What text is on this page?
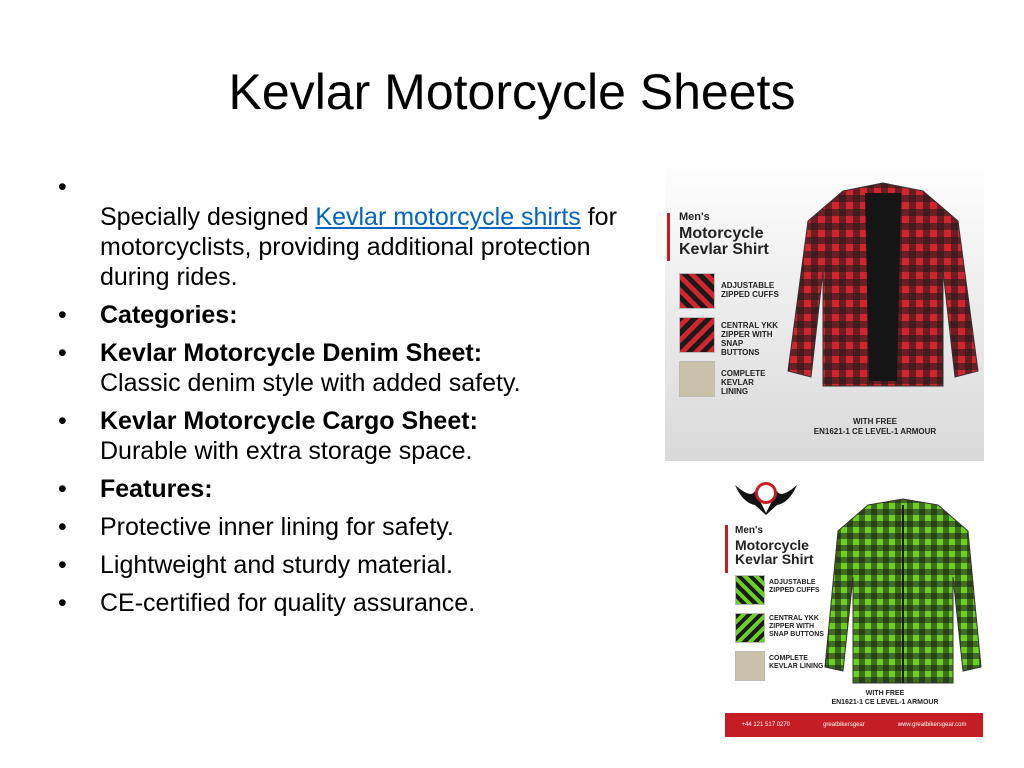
Kevlar Motorcycle Sheets
•
Specially designed Kevlar motorcycle shirts for motorcyclists, providing additional protection during rides.
• Categories:
• Kevlar Motorcycle Denim Sheet:
Classic denim style with added safety.
• Kevlar Motorcycle Cargo Sheet:
Durable with extra storage space.
• Features:
• Protective inner lining for safety.
• Lightweight and sturdy material.
• CE-certified for quality assurance.
Men's
Motorcycle
Kevlar Shirt
ADJUSTABLE ZIPPED CUFFS
CENTRAL YKK ZIPPER WITH SNAP BUTTONS
COMPLETE KEVLAR LINING
WITH FREE
EN1621-1 CE LEVEL-1 ARMOUR
Men's
Motorcycle
Kevlar Shirt
ADJUSTABLE ZIPPED CUFFS
CENTRAL YKK ZIPPER WITH SNAP BUTTONS
COMPLETE KEVLAR LINING
WITH FREE
EN1621-1 CE LEVEL-1 ARMOUR
+44 121 517 0270	greatbikersgear	www.greatbikersgear.com
